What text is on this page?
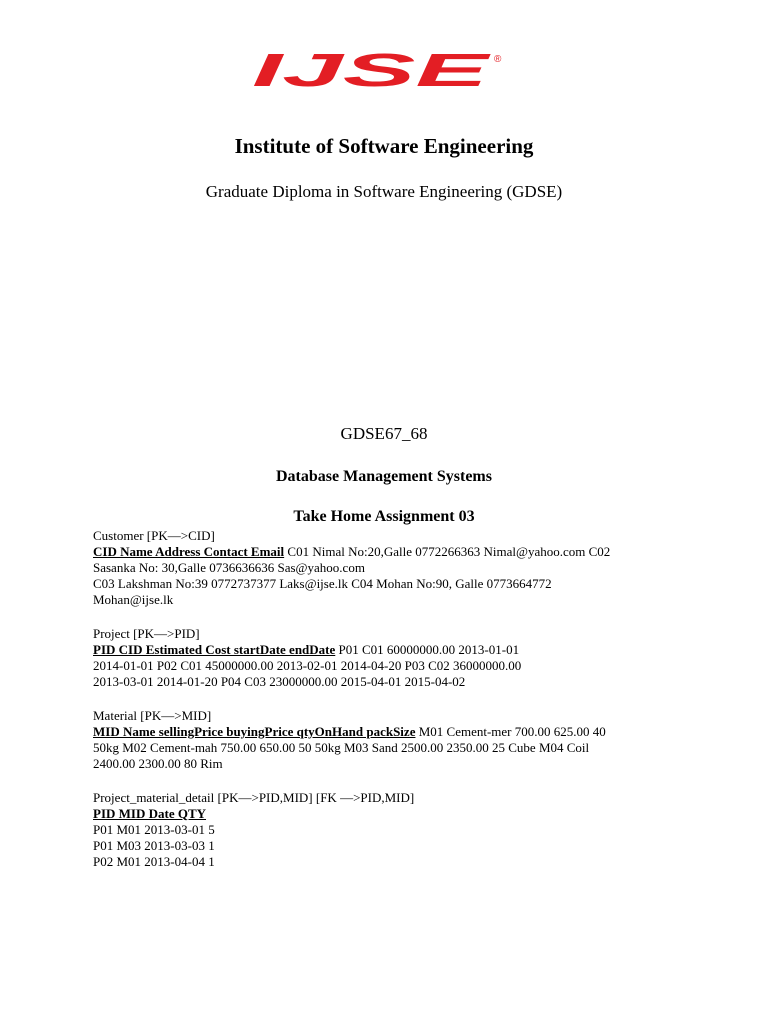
IJSE ®
Institute of Software Engineering
Graduate Diploma in Software Engineering (GDSE)
GDSE67_68
Database Management Systems
Take Home Assignment 03

Customer [PK—>CID]

CID Name Address Contact Email C01 Nimal No:20,Galle 0772266363 Nimal@yahoo.com C02

Sasanka No: 30,Galle 0736636636 Sas@yahoo.com

C03 Lakshman No:39 0772737377 Laks@ijse.lk C04 Mohan No:90, Galle 0773664772

Mohan@ijse.lk

Project [PK—>PID]

PID CID Estimated Cost startDate endDate P01 C01 60000000.00 2013-01-01

2014-01-01 P02 C01 45000000.00 2013-02-01 2014-04-20 P03 C02 36000000.00

2013-03-01 2014-01-20 P04 C03 23000000.00 2015-04-01 2015-04-02

Material [PK—>MID]

MID Name sellingPrice buyingPrice qtyOnHand packSize M01 Cement-mer 700.00 625.00 40

50kg M02 Cement-mah 750.00 650.00 50 50kg M03 Sand 2500.00 2350.00 25 Cube M04 Coil

2400.00 2300.00 80 Rim

Project_material_detail [PK—>PID,MID] [FK —>PID,MID]

PID MID Date QTY

P01 M01 2013-03-01 5
P01 M03 2013-03-03 1
P02 M01 2013-04-04 1
